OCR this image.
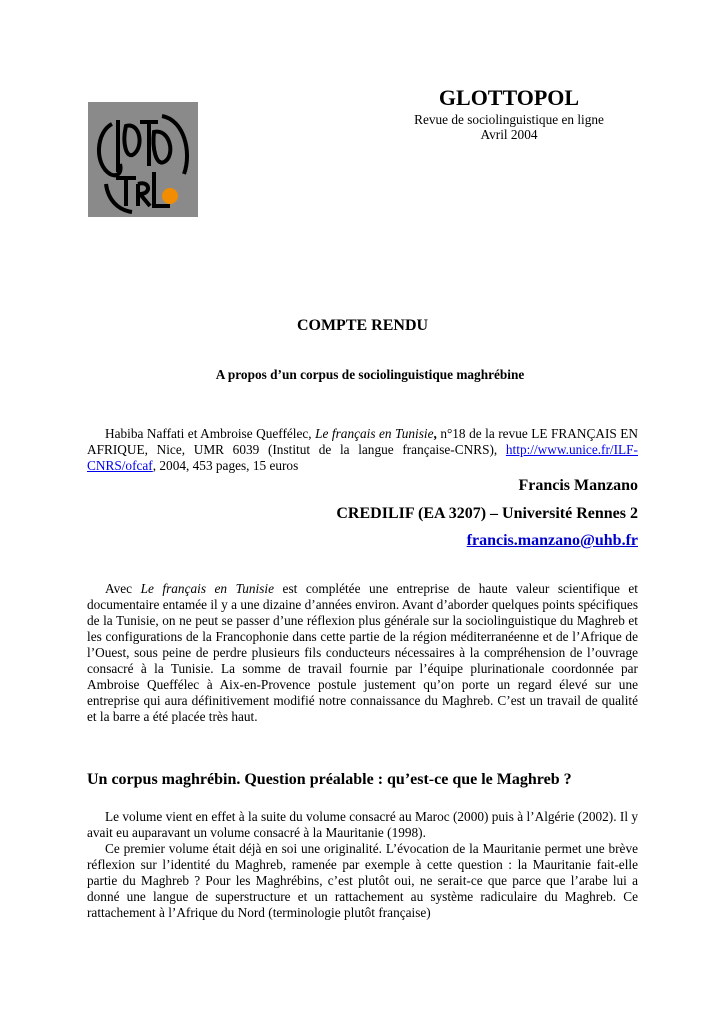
GLOTTOPOL
Revue de sociolinguistique en ligne
Avril 2004
COMPTE RENDU
A propos d’un corpus de sociolinguistique maghrébine
Habiba Naffati et Ambroise Queffélec, Le français en Tunisie, n°18 de la revue LE FRANÇAIS EN AFRIQUE, Nice, UMR 6039 (Institut de la langue française-CNRS), http://www.unice.fr/ILF-CNRS/ofcaf, 2004, 453 pages, 15 euros
Francis Manzano
CREDILIF (EA 3207) – Université Rennes 2
francis.manzano@uhb.fr

Avec Le français en Tunisie est complétée une entreprise de haute valeur scientifique et documentaire entamée il y a une dizaine d’années environ. Avant d’aborder quelques points spécifiques de la Tunisie, on ne peut se passer d’une réflexion plus générale sur la sociolinguistique du Maghreb et les configurations de la Francophonie dans cette partie de la région méditerranéenne et de l’Afrique de l’Ouest, sous peine de perdre plusieurs fils conducteurs nécessaires à la compréhension de l’ouvrage consacré à la Tunisie. La somme de travail fournie par l’équipe plurinationale coordonnée par Ambroise Queffélec à Aix-en-Provence postule justement qu’on porte un regard élevé sur une entreprise qui aura définitivement modifié notre connaissance du Maghreb. C’est un travail de qualité et la barre a été placée très haut.

Un corpus maghrébin. Question préalable : qu’est-ce que le Maghreb ?

Le volume vient en effet à la suite du volume consacré au Maroc (2000) puis à l’Algérie (2002). Il y avait eu auparavant un volume consacré à la Mauritanie (1998).

Ce premier volume était déjà en soi une originalité. L’évocation de la Mauritanie permet une brève réflexion sur l’identité du Maghreb, ramenée par exemple à cette question : la Mauritanie fait-elle partie du Maghreb ? Pour les Maghrébins, c’est plutôt oui, ne serait-ce que parce que l’arabe lui a donné une langue de superstructure et un rattachement au système radiculaire du Maghreb. Ce rattachement à l’Afrique du Nord (terminologie plutôt française)
